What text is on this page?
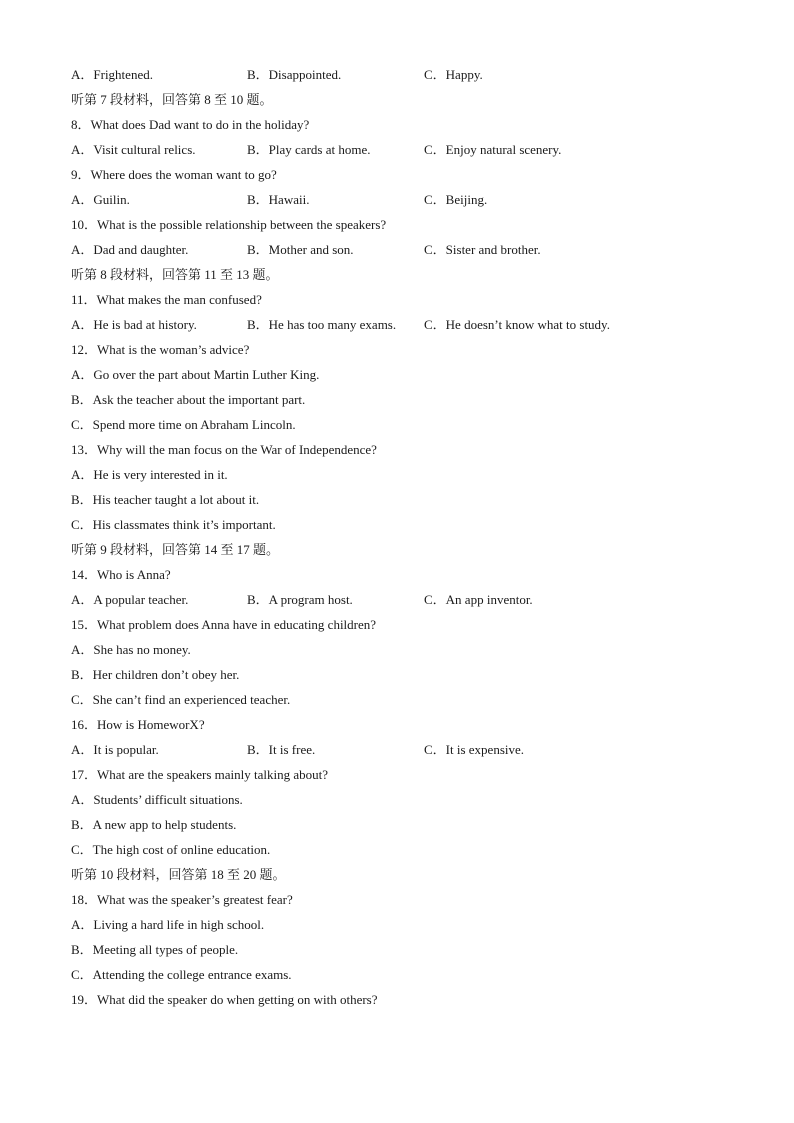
A．Frightened.	B．Disappointed.	C．Happy.
听第 7 段材料，回答第 8 至 10 题。
8．What does Dad want to do in the holiday?
A．Visit cultural relics.	B．Play cards at home.	C．Enjoy natural scenery.
9．Where does the woman want to go?
A．Guilin.	B．Hawaii.	C．Beijing.
10．What is the possible relationship between the speakers?
A．Dad and daughter.	B．Mother and son.	C．Sister and brother.
听第 8 段材料，回答第 11 至 13 题。
11．What makes the man confused?
A．He is bad at history.	B．He has too many exams.	C．He doesn’t know what to study.
12．What is the woman’s advice?
A．Go over the part about Martin Luther King.
B．Ask the teacher about the important part.
C．Spend more time on Abraham Lincoln.
13．Why will the man focus on the War of Independence?
A．He is very interested in it.
B．His teacher taught a lot about it.
C．His classmates think it’s important.
听第 9 段材料，回答第 14 至 17 题。
14．Who is Anna?
A．A popular teacher.	B．A program host.	C．An app inventor.
15．What problem does Anna have in educating children?
A．She has no money.
B．Her children don’t obey her.
C．She can’t find an experienced teacher.
16．How is HomeworX?
A．It is popular.	B．It is free.	C．It is expensive.
17．What are the speakers mainly talking about?
A．Students’ difficult situations.
B．A new app to help students.
C．The high cost of online education.
听第 10 段材料，回答第 18 至 20 题。
18．What was the speaker’s greatest fear?
A．Living a hard life in high school.
B．Meeting all types of people.
C．Attending the college entrance exams.
19．What did the speaker do when getting on with others?
